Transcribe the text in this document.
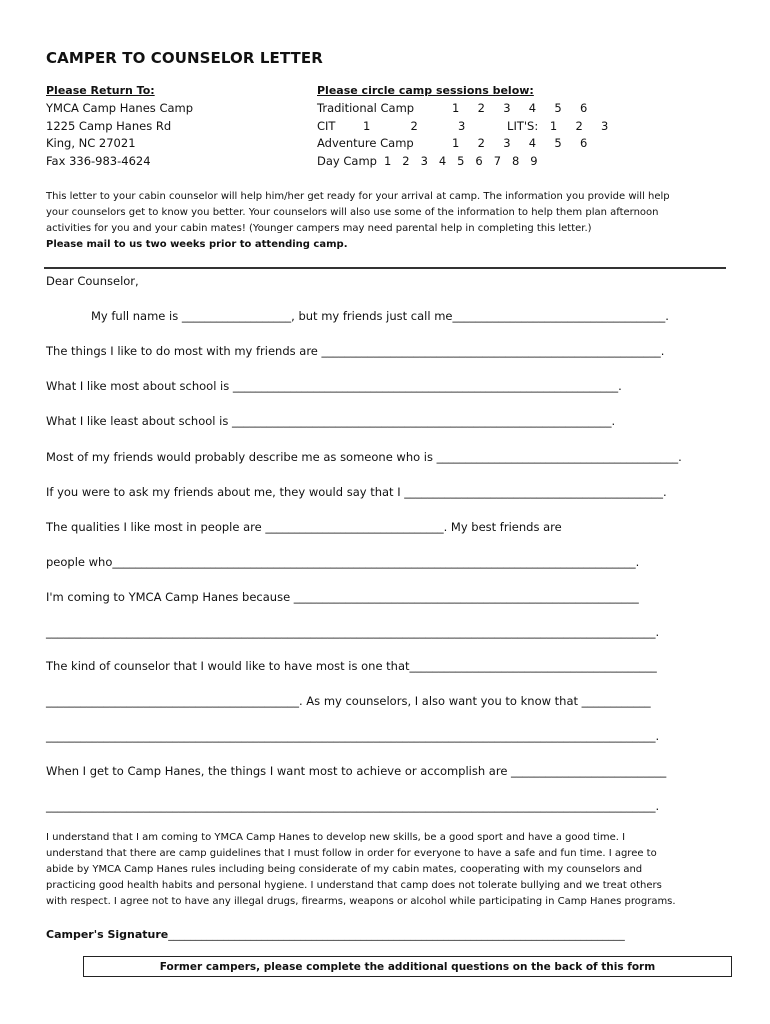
CAMPER TO COUNSELOR LETTER
Please Return To:
YMCA Camp Hanes Camp
1225 Camp Hanes Rd
King, NC 27021
Fax 336-983-4624
Please circle camp sessions below:
Traditional Camp	1     2     3     4     5     6
CIT 1           2           3	LIT'S: 1     2     3
Adventure Camp	1     2     3     4     5     6
Day Camp 1   2   3   4   5   6   7   8   9
This letter to your cabin counselor will help him/her get ready for your arrival at camp. The information you provide will help
your counselors get to know you better. Your counselors will also use some of the information to help them plan afternoon
activities for you and your cabin mates! (Younger campers may need parental help in completing this letter.)
Please mail to us two weeks prior to attending camp.
Dear Counselor,
My full name is ___________________, but my friends just call me_____________________________________.
The things I like to do most with my friends are ___________________________________________________________.
What I like most about school is ___________________________________________________________________.
What I like least about school is __________________________________________________________________.
Most of my friends would probably describe me as someone who is __________________________________________.
If you were to ask my friends about me, they would say that I _____________________________________________.
The qualities I like most in people are _______________________________. My best friends are
people who___________________________________________________________________________________________.
I'm coming to YMCA Camp Hanes because ____________________________________________________________
__________________________________________________________________________________________________________.
The kind of counselor that I would like to have most is one that___________________________________________
____________________________________________. As my counselors, I also want you to know that ____________
__________________________________________________________________________________________________________.
When I get to Camp Hanes, the things I want most to achieve or accomplish are ___________________________
__________________________________________________________________________________________________________.
I understand that I am coming to YMCA Camp Hanes to develop new skills, be a good sport and have a good time. I
understand that there are camp guidelines that I must follow in order for everyone to have a safe and fun time. I agree to
abide by YMCA Camp Hanes rules including being considerate of my cabin mates, cooperating with my counselors and
practicing good health habits and personal hygiene. I understand that camp does not tolerate bullying and we treat others
with respect. I agree not to have any illegal drugs, firearms, weapons or alcohol while participating in Camp Hanes programs.
Camper's Signature___________________________________________________________________________________
Former campers, please complete the additional questions on the back of this form
